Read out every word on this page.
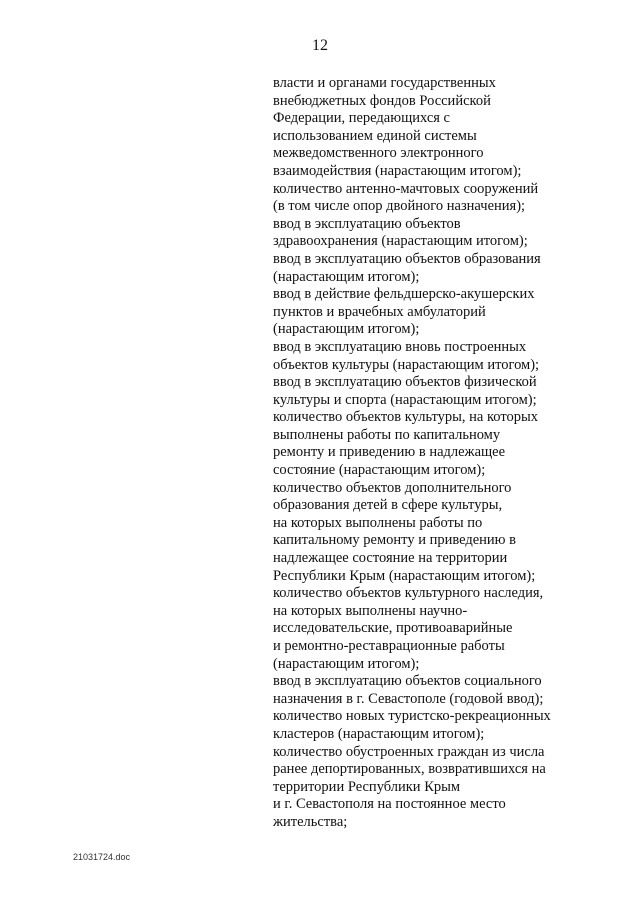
12
власти и органами государственных
внебюджетных фондов Российской
Федерации, передающихся с
использованием единой системы
межведомственного электронного
взаимодействия (нарастающим итогом);
количество антенно-мачтовых сооружений
(в том числе опор двойного назначения);
ввод в эксплуатацию объектов
здравоохранения (нарастающим итогом);
ввод в эксплуатацию объектов образования
(нарастающим итогом);
ввод в действие фельдшерско-акушерских
пунктов и врачебных амбулаторий
(нарастающим итогом);
ввод в эксплуатацию вновь построенных
объектов культуры (нарастающим итогом);
ввод в эксплуатацию объектов физической
культуры и спорта (нарастающим итогом);
количество объектов культуры, на которых
выполнены работы по капитальному
ремонту и приведению в надлежащее
состояние (нарастающим итогом);
количество объектов дополнительного
образования детей в сфере культуры,
на которых выполнены работы по
капитальному ремонту и приведению в
надлежащее состояние на территории
Республики Крым (нарастающим итогом);
количество объектов культурного наследия,
на которых выполнены научно-
исследовательские, противоаварийные
и ремонтно-реставрационные работы
(нарастающим итогом);
ввод в эксплуатацию объектов социального
назначения в г. Севастополе (годовой ввод);
количество новых туристско-рекреационных
кластеров (нарастающим итогом);
количество обустроенных граждан из числа
ранее депортированных, возвратившихся на
территории Республики Крым
и г. Севастополя на постоянное место
жительства;
21031724.doc
